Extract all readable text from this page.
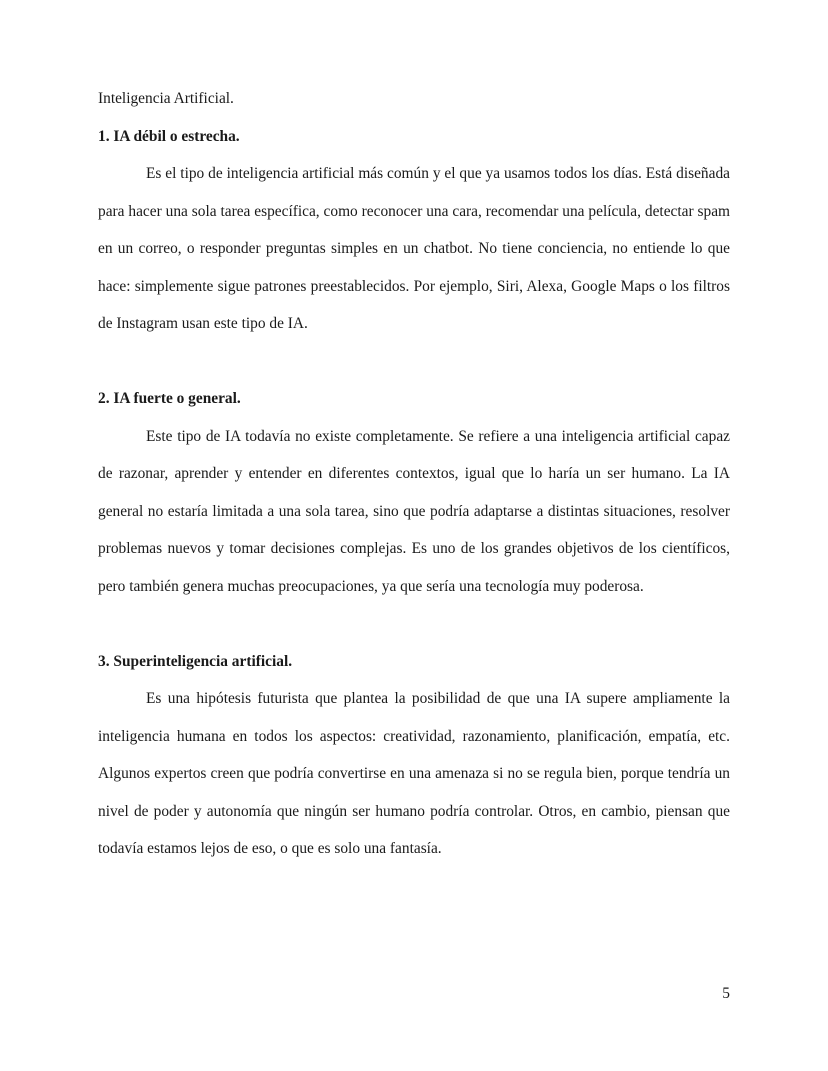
Inteligencia Artificial.

1. IA débil o estrecha.

Es el tipo de inteligencia artificial más común y el que ya usamos todos los días. Está diseñada para hacer una sola tarea específica, como reconocer una cara, recomendar una película, detectar spam en un correo, o responder preguntas simples en un chatbot. No tiene conciencia, no entiende lo que hace: simplemente sigue patrones preestablecidos. Por ejemplo, Siri, Alexa, Google Maps o los filtros de Instagram usan este tipo de IA.

2. IA fuerte o general.

Este tipo de IA todavía no existe completamente. Se refiere a una inteligencia artificial capaz de razonar, aprender y entender en diferentes contextos, igual que lo haría un ser humano. La IA general no estaría limitada a una sola tarea, sino que podría adaptarse a distintas situaciones, resolver problemas nuevos y tomar decisiones complejas. Es uno de los grandes objetivos de los científicos, pero también genera muchas preocupaciones, ya que sería una tecnología muy poderosa.

3. Superinteligencia artificial.

Es una hipótesis futurista que plantea la posibilidad de que una IA supere ampliamente la inteligencia humana en todos los aspectos: creatividad, razonamiento, planificación, empatía, etc. Algunos expertos creen que podría convertirse en una amenaza si no se regula bien, porque tendría un nivel de poder y autonomía que ningún ser humano podría controlar. Otros, en cambio, piensan que todavía estamos lejos de eso, o que es solo una fantasía.

5
